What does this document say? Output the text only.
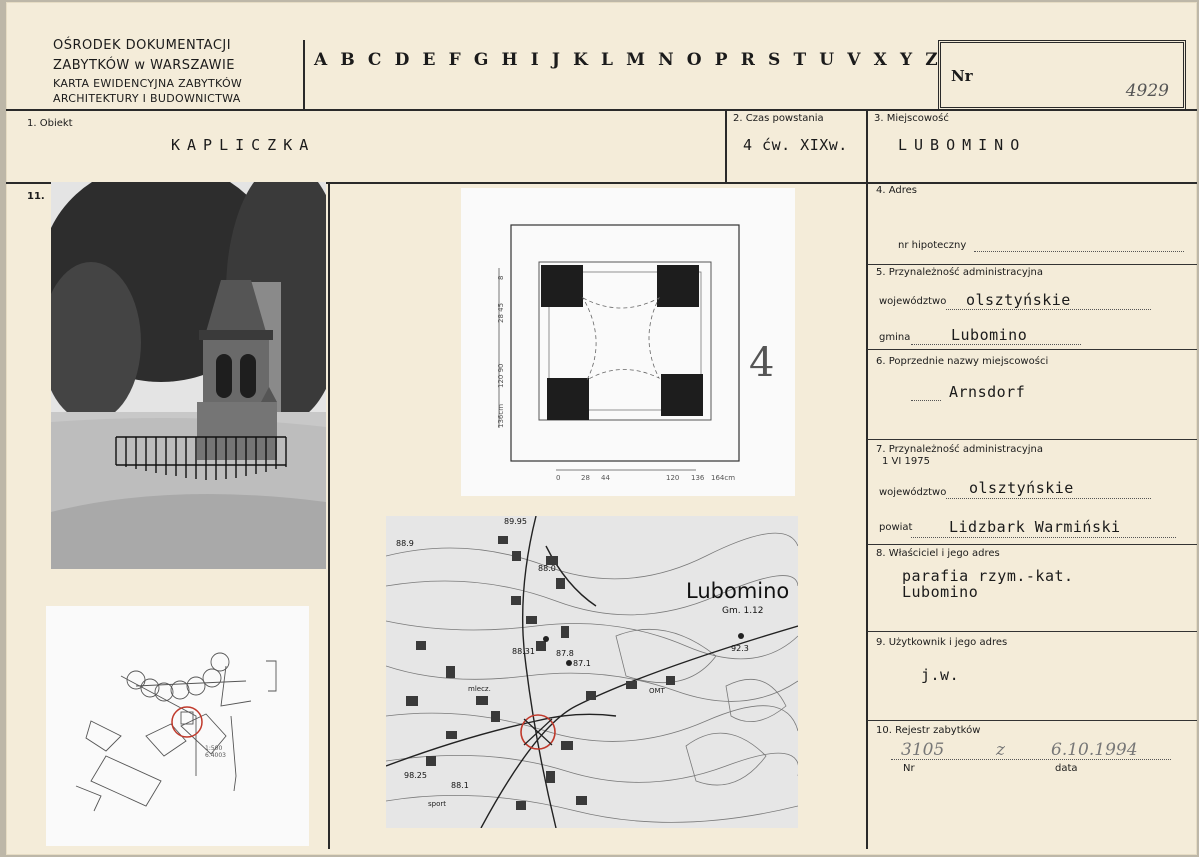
OŚRODEK DOKUMENTACJI
ZABYTKÓW w WARSZAWIE
KARTA EWIDENCYJNA ZABYTKÓW
ARCHITEKTURY I BUDOWNICTWA
A B C D E F G H I J K L M N O P R S T U V X Y Z
Nr
4929
1. Obiekt
KAPLICZKA
2. Czas powstania
4 ćw. XIXw.
3. Miejscowość
LUBOMINO
11.
4
0	28 44	120 136 164cm
8
28 45
120 90
136cm
1:500
6.4003
Lubomino
Gm. 1.12
89.95
88.9
88.0
88.31	87.8
87.1
92.3
98.25
88.1
mlecz.	OMT
sport
4. Adres
nr hipoteczny
5. Przynależność administracyjna
województwo olsztyńskie
gmina	Lubomino
6. Poprzednie nazwy miejscowości
Arnsdorf
7. Przynależność administracyjna
1 VI 1975
województwo olsztyńskie
powiat Lidzbark Warmiński
8. Właściciel i jego adres
parafia rzym.-kat.
Lubomino
9. Użytkownik i jego adres
j.w.
10. Rejestr zabytków
3105	z	6.10.1994
Nr	data
